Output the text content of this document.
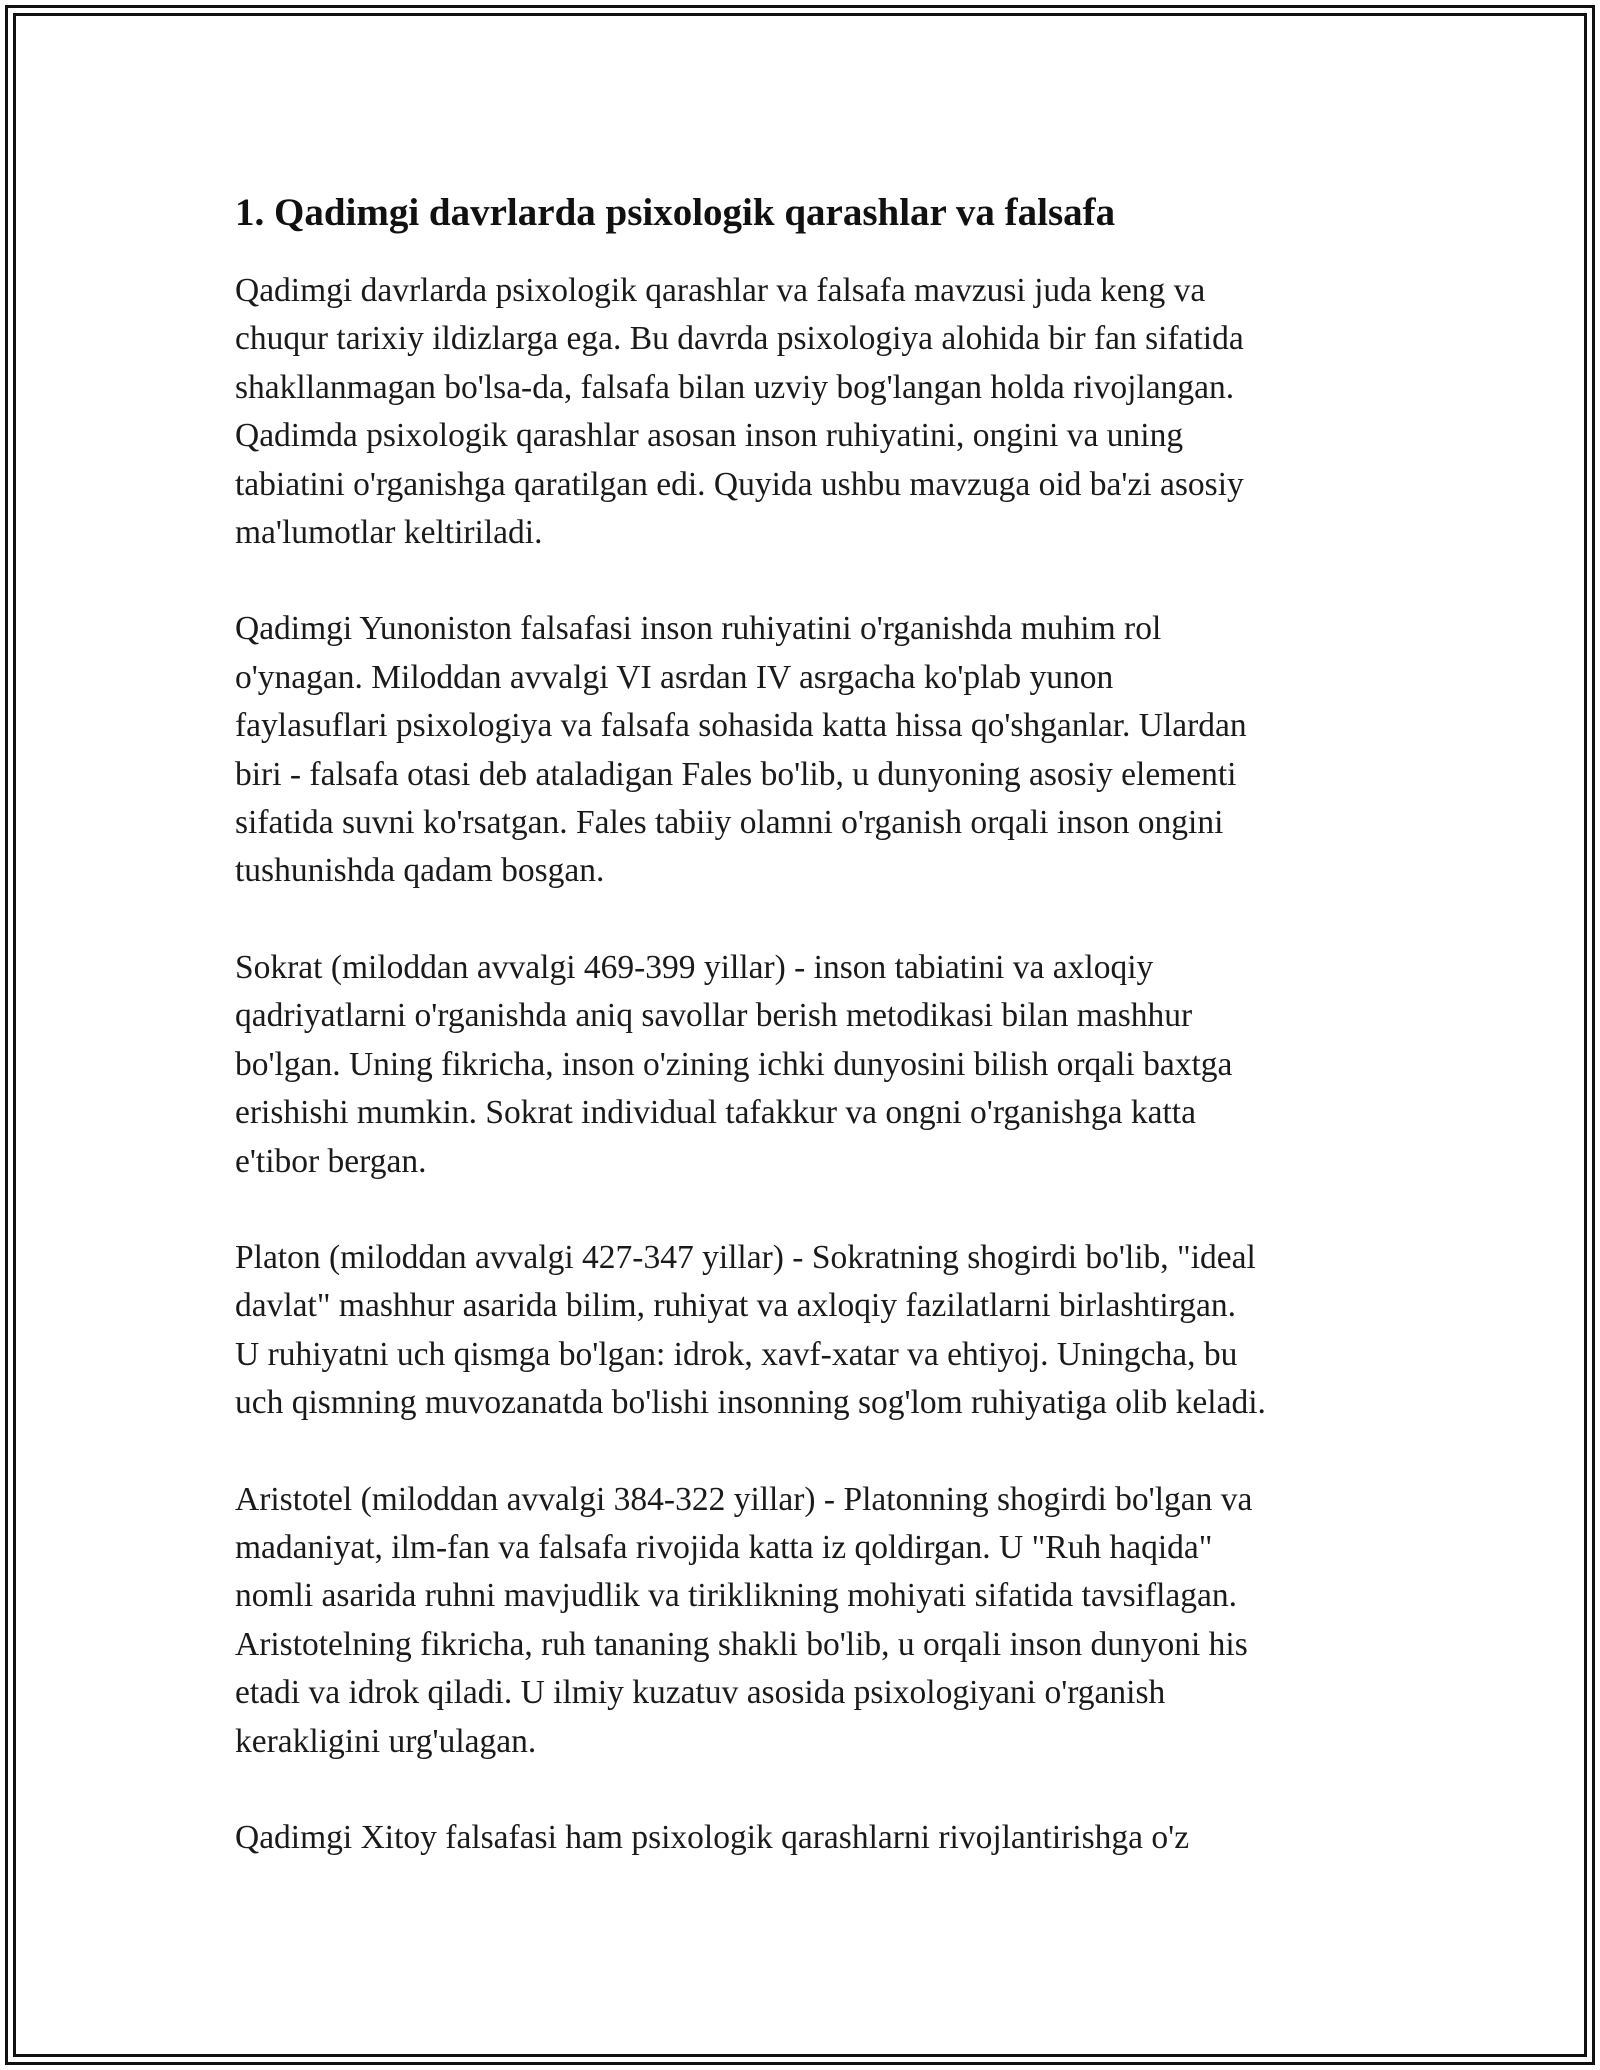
1. Qadimgi davrlarda psixologik qarashlar va falsafa

Qadimgi davrlarda psixologik qarashlar va falsafa mavzusi juda keng va
chuqur tarixiy ildizlarga ega. Bu davrda psixologiya alohida bir fan sifatida
shakllanmagan bo'lsa-da, falsafa bilan uzviy bog'langan holda rivojlangan.
Qadimda psixologik qarashlar asosan inson ruhiyatini, ongini va uning
tabiatini o'rganishga qaratilgan edi. Quyida ushbu mavzuga oid ba'zi asosiy
ma'lumotlar keltiriladi.

Qadimgi Yunoniston falsafasi inson ruhiyatini o'rganishda muhim rol
o'ynagan. Miloddan avvalgi VI asrdan IV asrgacha ko'plab yunon
faylasuflari psixologiya va falsafa sohasida katta hissa qo'shganlar. Ulardan
biri - falsafa otasi deb ataladigan Fales bo'lib, u dunyoning asosiy elementi
sifatida suvni ko'rsatgan. Fales tabiiy olamni o'rganish orqali inson ongini
tushunishda qadam bosgan.

Sokrat (miloddan avvalgi 469-399 yillar) - inson tabiatini va axloqiy
qadriyatlarni o'rganishda aniq savollar berish metodikasi bilan mashhur
bo'lgan. Uning fikricha, inson o'zining ichki dunyosini bilish orqali baxtga
erishishi mumkin. Sokrat individual tafakkur va ongni o'rganishga katta
e'tibor bergan.

Platon (miloddan avvalgi 427-347 yillar) - Sokratning shogirdi bo'lib, "ideal
davlat" mashhur asarida bilim, ruhiyat va axloqiy fazilatlarni birlashtirgan.
U ruhiyatni uch qismga bo'lgan: idrok, xavf-xatar va ehtiyoj. Uningcha, bu
uch qismning muvozanatda bo'lishi insonning sog'lom ruhiyatiga olib keladi.

Aristotel (miloddan avvalgi 384-322 yillar) - Platonning shogirdi bo'lgan va
madaniyat, ilm-fan va falsafa rivojida katta iz qoldirgan. U "Ruh haqida"
nomli asarida ruhni mavjudlik va tiriklikning mohiyati sifatida tavsiflagan.
Aristotelning fikricha, ruh tananing shakli bo'lib, u orqali inson dunyoni his
etadi va idrok qiladi. U ilmiy kuzatuv asosida psixologiyani o'rganish
kerakligini urg'ulagan.

Qadimgi Xitoy falsafasi ham psixologik qarashlarni rivojlantirishga o'z
